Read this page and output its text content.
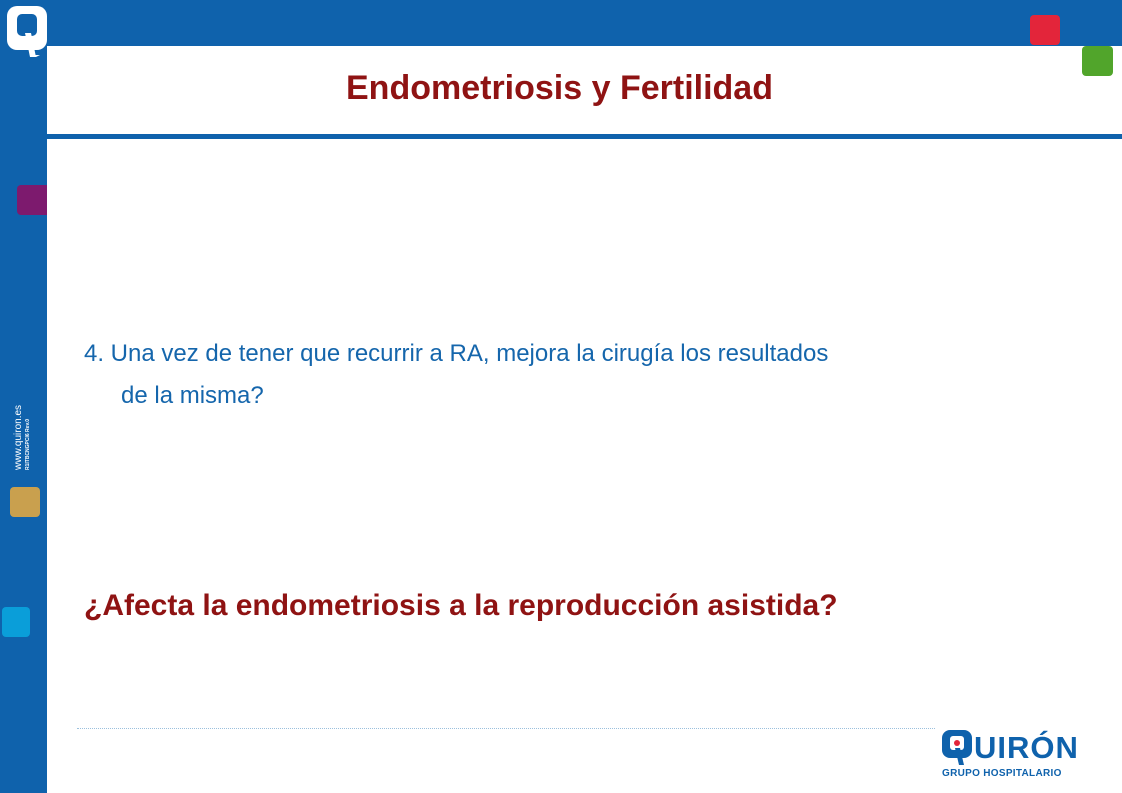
www.quiron.es R1ITBCNGPCI6 Rev.0
Endometriosis y Fertilidad

4. Una vez de tener que recurrir a RA, mejora la cirugía los resultados
de la misma?

¿Afecta la endometriosis a la reproducción asistida?

UIRÓN
GRUPO HOSPITALARIO
